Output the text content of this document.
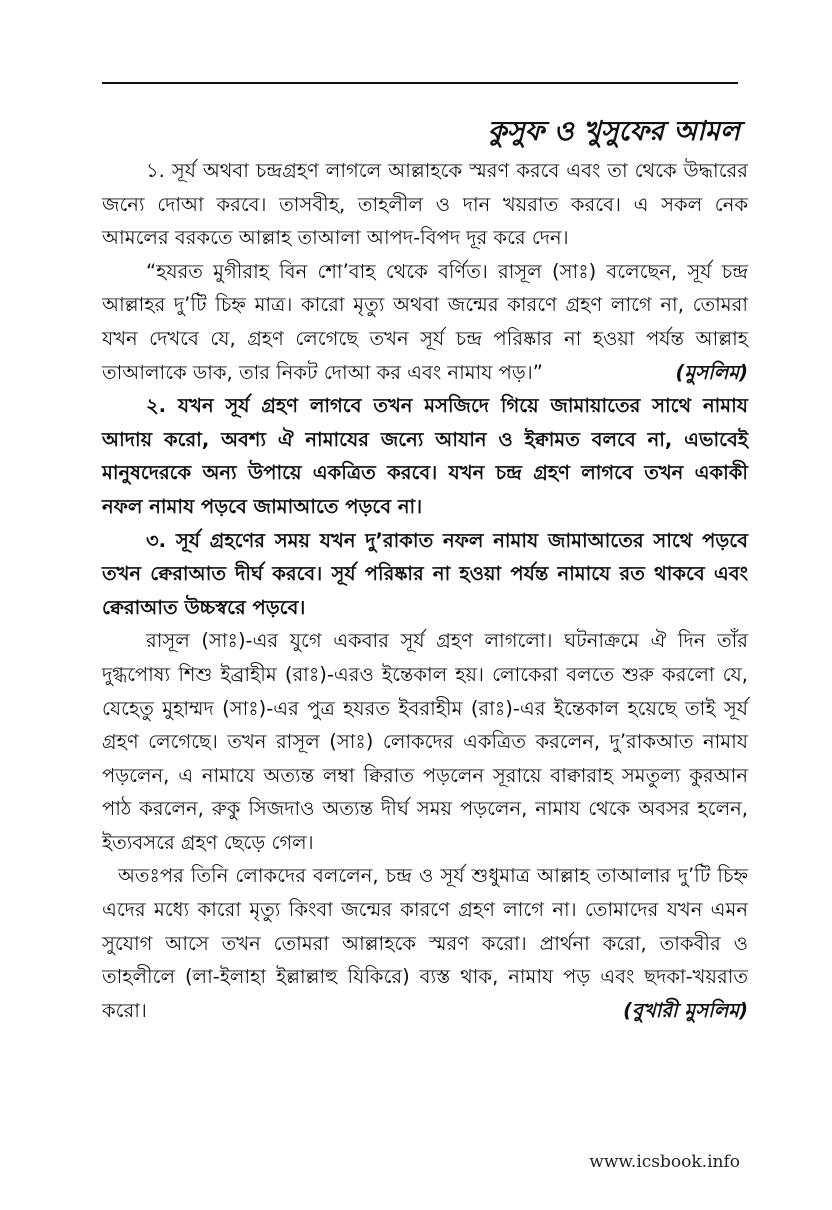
কুসুফ ও খুসুফের আমল

১. সূর্য অথবা চন্দ্রগ্রহণ লাগলে আল্লাহকে স্মরণ করবে এবং তা থেকে উদ্ধারের জন্যে দোআ করবে। তাসবীহ, তাহলীল ও দান খয়রাত করবে। এ সকল নেক আমলের বরকতে আল্লাহ তাআলা আপদ-বিপদ দূর করে দেন।

“হযরত মুগীরাহ বিন শো’বাহ থেকে বর্ণিত। রাসূল (সাঃ) বলেছেন, সূর্য চন্দ্র আল্লাহর দু’টি চিহ্ন মাত্র। কারো মৃত্যু অথবা জন্মের কারণে গ্রহণ লাগে না, তোমরা যখন দেখবে যে, গ্রহণ লেগেছে তখন সূর্য চন্দ্র পরিষ্কার না হওয়া পর্যন্ত আল্লাহ তাআলাকে ডাক, তার নিকট দোআ কর এবং নামায পড়।”	(মুসলিম)

২. যখন সূর্য গ্রহণ লাগবে তখন মসজিদে গিয়ে জামায়াতের সাথে নামায আদায় করো, অবশ্য ঐ নামাযের জন্যে আযান ও ইক্বামত বলবে না, এভাবেই মানুষদেরকে অন্য উপায়ে একত্রিত করবে। যখন চন্দ্র গ্রহণ লাগবে তখন একাকী নফল নামায পড়বে জামাআতে পড়বে না।

৩. সূর্য গ্রহণের সময় যখন দু’রাকাত নফল নামায জামাআতের সাথে পড়বে তখন ক্বেরাআত দীর্ঘ করবে। সূর্য পরিষ্কার না হওয়া পর্যন্ত নামাযে রত থাকবে এবং ক্বেরাআত উচ্চস্বরে পড়বে।

রাসূল (সাঃ)-এর যুগে একবার সূর্য গ্রহণ লাগলো। ঘটনাক্রমে ঐ দিন তাঁর দুগ্ধপোষ্য শিশু ইব্রাহীম (রাঃ)-এরও ইন্তেকাল হয়। লোকেরা বলতে শুরু করলো যে, যেহেতু মুহাম্মদ (সাঃ)-এর পুত্র হযরত ইবরাহীম (রাঃ)-এর ইন্তেকাল হয়েছে তাই সূর্য গ্রহণ লেগেছে। তখন রাসূল (সাঃ) লোকদের একত্রিত করলেন, দু’রাকআত নামায পড়লেন, এ নামাযে অত্যন্ত লম্বা ক্বিরাত পড়লেন সূরায়ে বাক্বারাহ সমতুল্য কুরআন পাঠ করলেন, রুকু সিজদাও অত্যন্ত দীর্ঘ সময় পড়লেন, নামায থেকে অবসর হলেন, ইত্যবসরে গ্রহণ ছেড়ে গেল।

অতঃপর তিনি লোকদের বললেন, চন্দ্র ও সূর্য শুধুমাত্র আল্লাহ তাআলার দু’টি চিহ্ন এদের মধ্যে কারো মৃত্যু কিংবা জন্মের কারণে গ্রহণ লাগে না। তোমাদের যখন এমন সুযোগ আসে তখন তোমরা আল্লাহকে স্মরণ করো। প্রার্থনা করো, তাকবীর ও তাহলীলে (লা-ইলাহা ইল্লাল্লাহু যিকিরে) ব্যস্ত থাক, নামায পড় এবং ছদকা-খয়রাত করো।	(বুখারী মুসলিম)

www.icsbook.info
